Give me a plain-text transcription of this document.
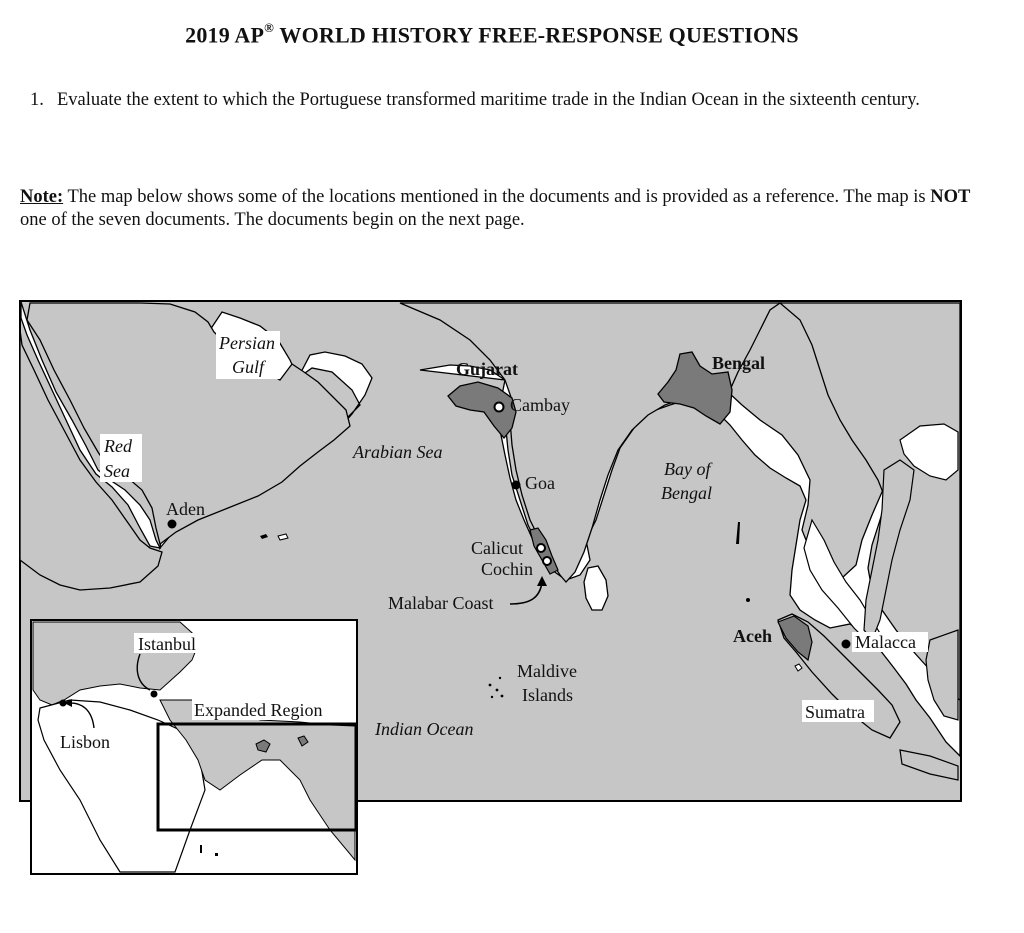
2019 AP® WORLD HISTORY FREE-RESPONSE QUESTIONS
1. Evaluate the extent to which the Portuguese transformed maritime trade in the Indian Ocean in the sixteenth century.
Note: The map below shows some of the locations mentioned in the documents and is provided as a reference. The map is NOT one of the seven documents. The documents begin on the next page.
Persian
Gulf
Red
Sea
Aden
Arabian Sea
Gujarat
Cambay
Goa
Calicut
Cochin
Malabar Coast
Maldive
Islands
Indian Ocean
Bengal
Bay of
Bengal
Aceh	Malacca
Sumatra
Istanbul
Lisbon
Expanded Region
